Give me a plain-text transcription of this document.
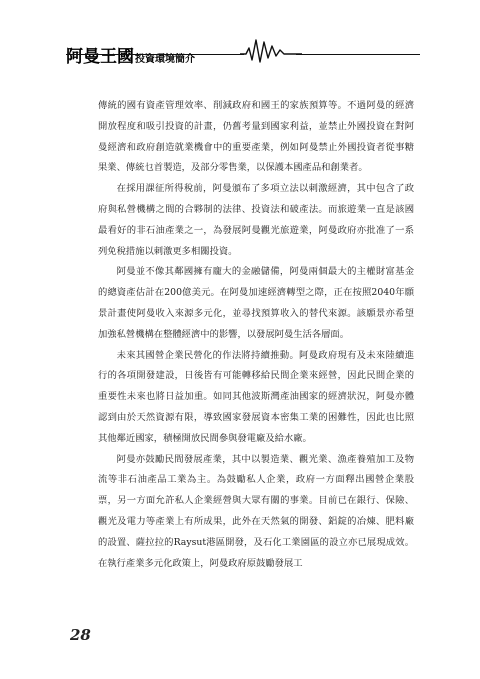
阿曼王國投資環境簡介

傳統的國有資產管理效率、削減政府和國王的家族預算等。不過阿曼的經濟開放程度和吸引投資的計畫，仍舊考量到國家利益，並禁止外國投資在對阿曼經濟和政府創造就業機會中的重要產業，例如阿曼禁止外國投資者從事糖果業、傳統乜首製造，及部分零售業，以保護本國產品和創業者。

在採用課征所得稅前，阿曼頒布了多項立法以刺激經濟，其中包含了政府與私營機構之間的合夥制的法律、投資法和破產法。而旅遊業一直是該國最看好的非石油產業之一，為發展阿曼觀光旅遊業，阿曼政府亦批准了一系列免稅措施以刺激更多相關投資。

阿曼並不像其鄰國擁有龐大的金融儲備，阿曼兩個最大的主權財富基金的總資產估計在200億美元。在阿曼加速經濟轉型之際，正在按照2040年願景計畫使阿曼收入來源多元化，並尋找預算收入的替代來源。該願景亦希望加強私營機構在整體經濟中的影響，以發展阿曼生活各層面。

未來其國營企業民營化的作法將持續推動。阿曼政府現有及未來陸續進行的各項開發建設，日後皆有可能轉移給民間企業來經營，因此民間企業的重要性未來也將日益加重。如同其他波斯灣產油國家的經濟狀況，阿曼亦體認到由於天然資源有限，導致國家發展資本密集工業的困難性，因此也比照其他鄰近國家，積極開放民間參與發電廠及給水廠。

阿曼亦鼓勵民間發展產業，其中以製造業、觀光業、漁產養殖加工及物流等非石油產品工業為主。為鼓勵私人企業，政府一方面釋出國營企業股票，另一方面允許私人企業經營與大眾有關的事業。目前已在銀行、保險、觀光及電力等產業上有所成果，此外在天然氣的開發、鋁錠的冶煉、肥料廠的設置、薩拉拉的Raysut港區開發，及石化工業園區的設立亦已展現成效。在執行產業多元化政策上，阿曼政府原鼓勵發展工

28
